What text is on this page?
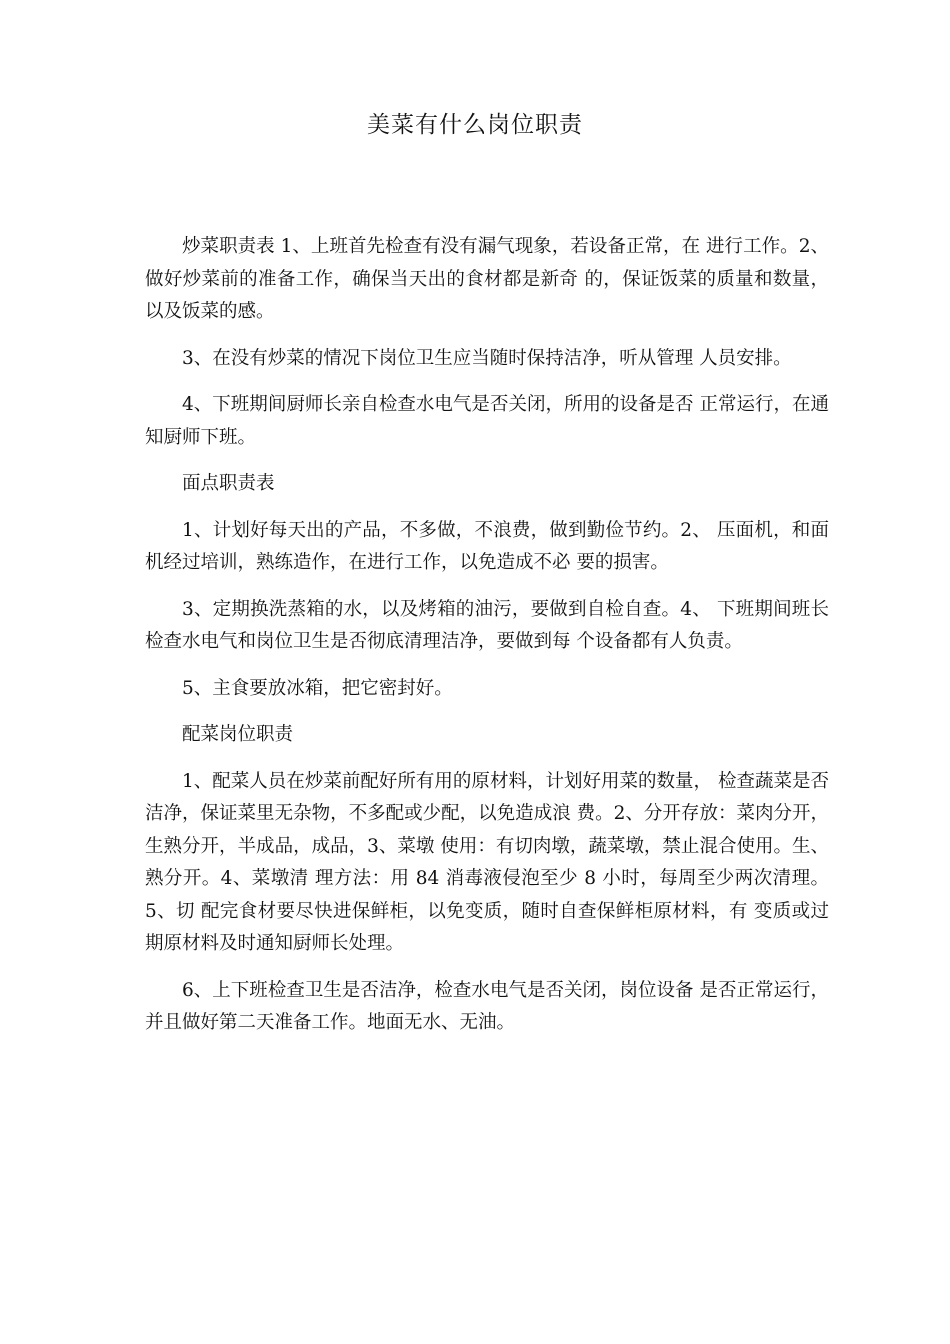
美菜有什么岗位职责

炒菜职责表 1、上班首先检查有没有漏气现象，若设备正常，在 进行工作。2、做好炒菜前的准备工作，确保当天出的食材都是新奇 的，保证饭菜的质量和数量，以及饭菜的感。

3、在没有炒菜的情况下岗位卫生应当随时保持洁净，听从管理 人员安排。

4、下班期间厨师长亲自检查水电气是否关闭，所用的设备是否 正常运行，在通知厨师下班。

面点职责表

1、计划好每天出的产品，不多做，不浪费，做到勤俭节约。2、 压面机，和面机经过培训，熟练造作，在进行工作，以免造成不必 要的损害。

3、定期换洗蒸箱的水，以及烤箱的油污，要做到自检自查。4、 下班期间班长检查水电气和岗位卫生是否彻底清理洁净，要做到每 个设备都有人负责。

5、主食要放冰箱，把它密封好。

配菜岗位职责

1、配菜人员在炒菜前配好所有用的原材料，计划好用菜的数量， 检查蔬菜是否洁净，保证菜里无杂物，不多配或少配，以免造成浪 费。2、分开存放：菜肉分开，生熟分开，半成品，成品，3、菜墩 使用：有切肉墩，蔬菜墩，禁止混合使用。生、熟分开。4、菜墩清 理方法：用 84 消毒液侵泡至少 8 小时，每周至少两次清理。5、切 配完食材要尽快进保鲜柜，以免变质，随时自查保鲜柜原材料，有 变质或过期原材料及时通知厨师长处理。

6、上下班检查卫生是否洁净，检查水电气是否关闭，岗位设备 是否正常运行，并且做好第二天准备工作。地面无水、无油。
